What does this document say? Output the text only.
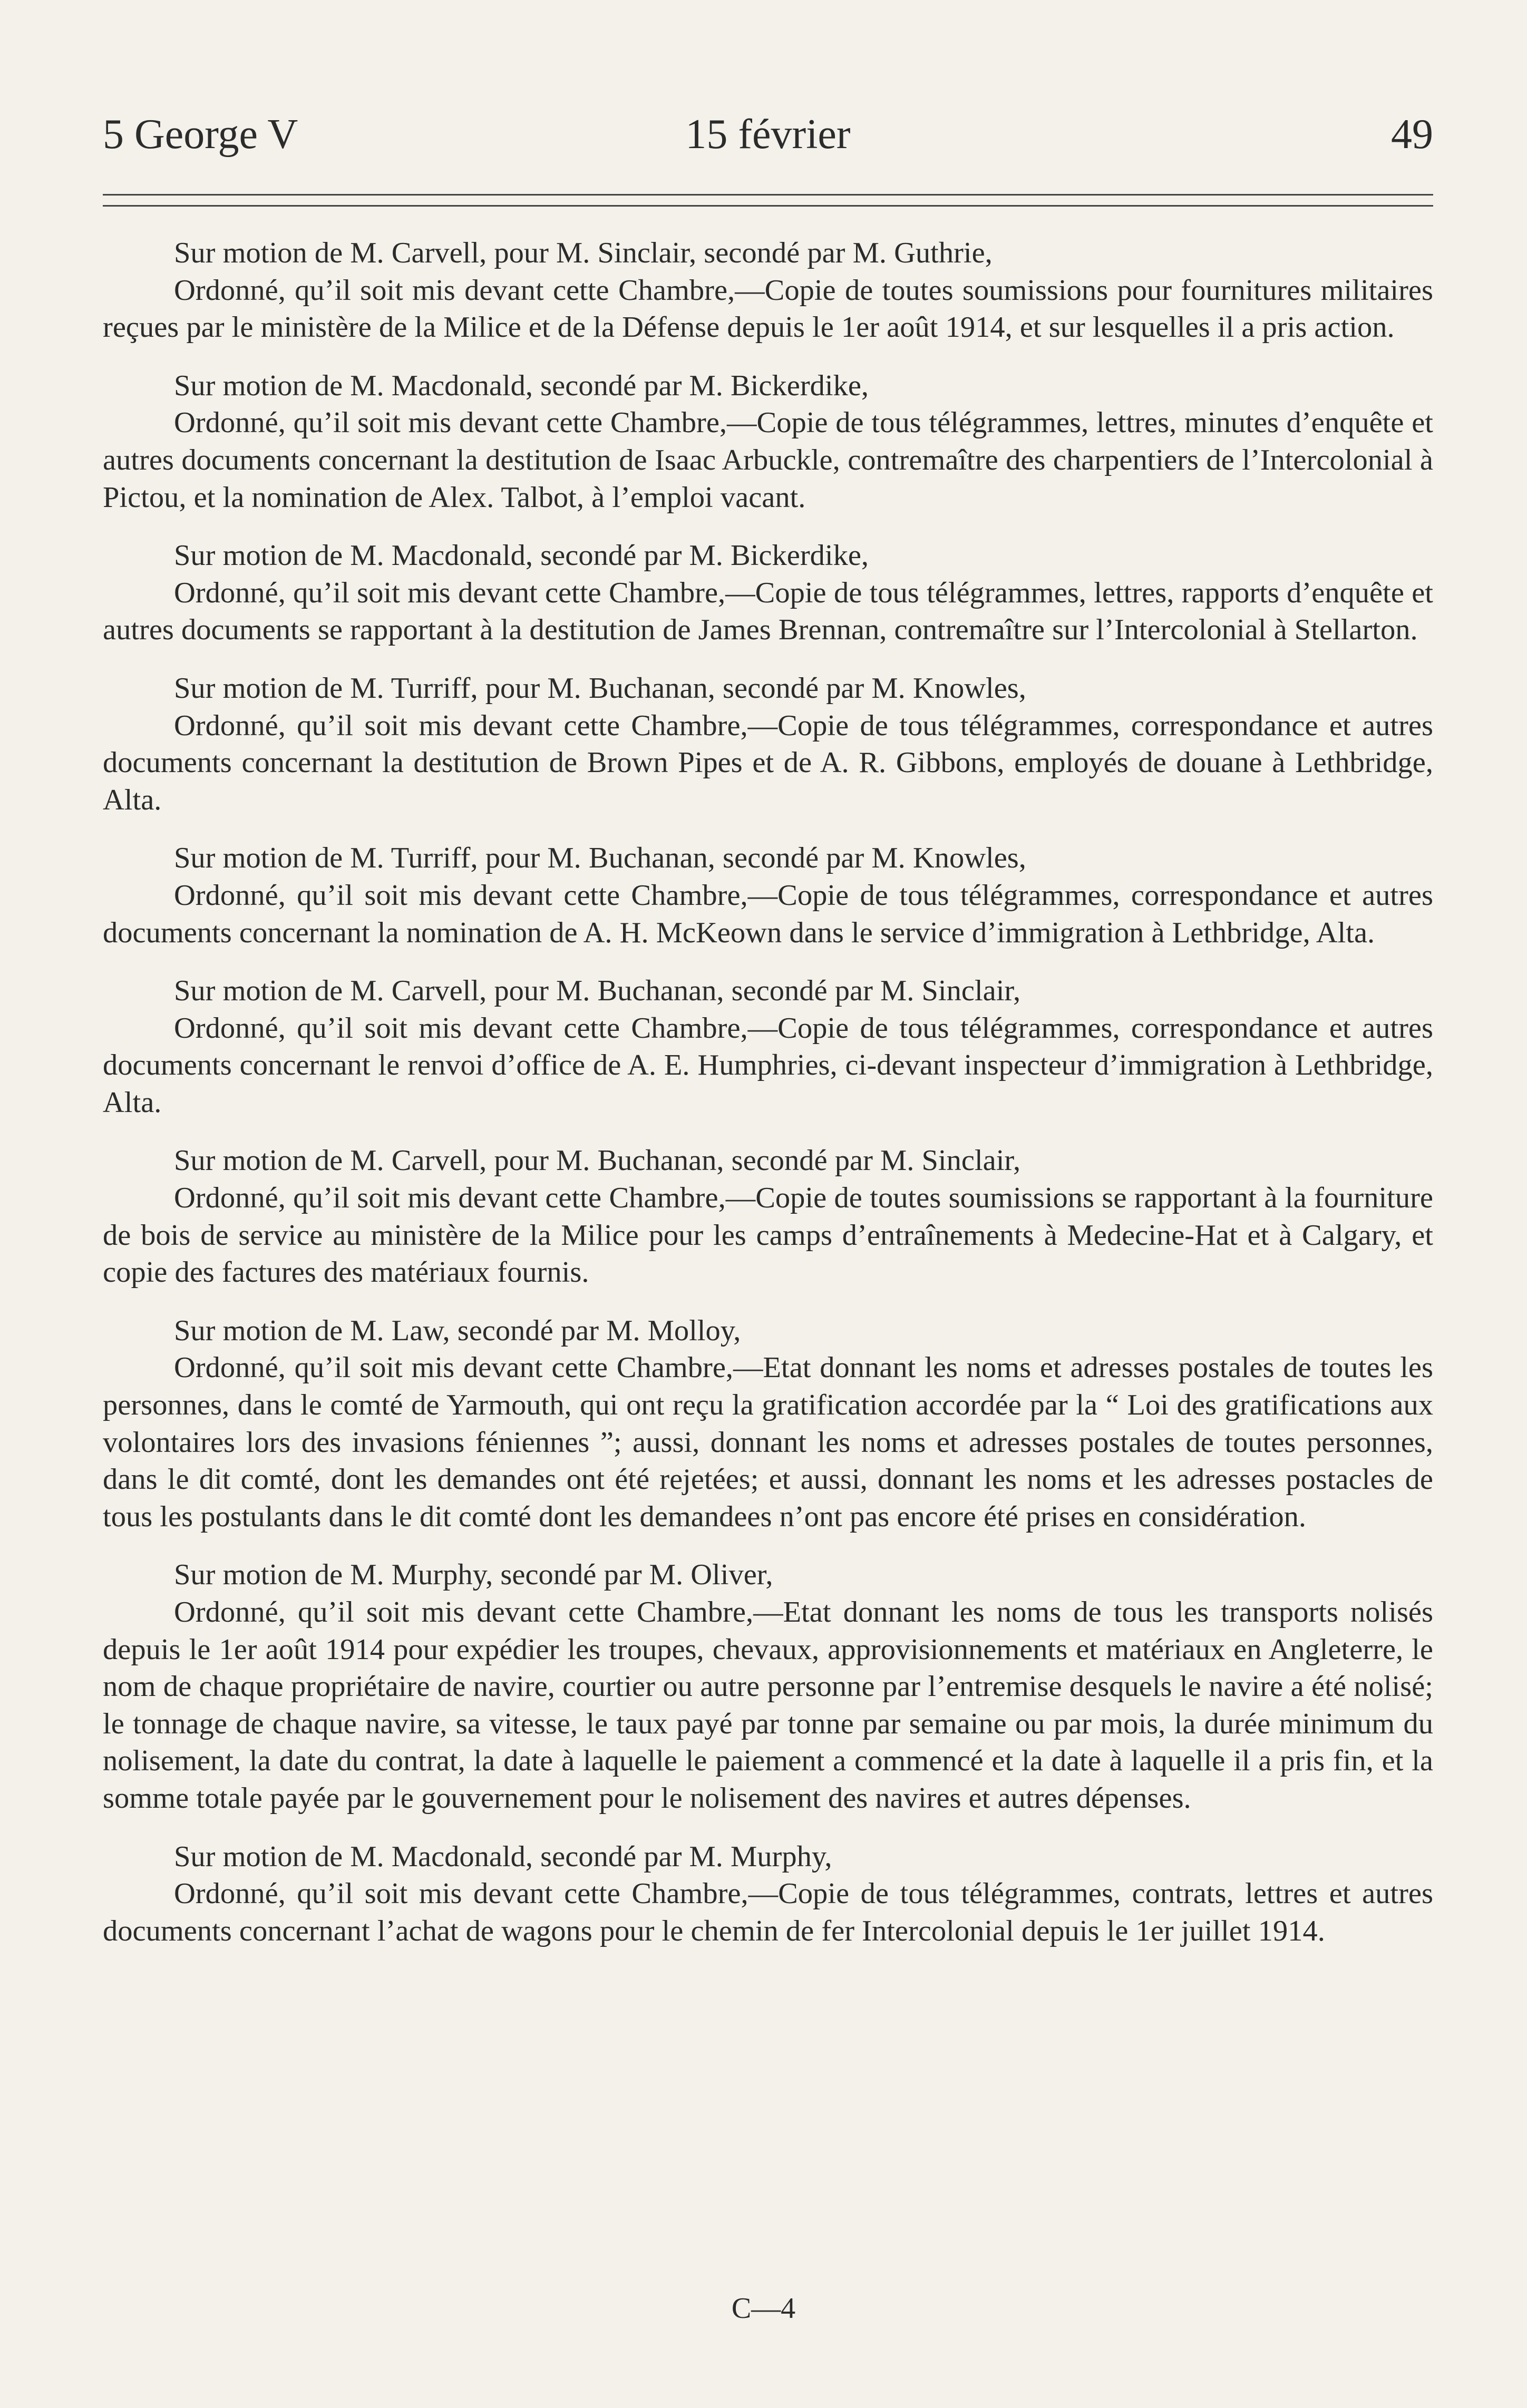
5 George V	15 février	49

Sur motion de M. Carvell, pour M. Sinclair, secondé par M. Guthrie,

Ordonné, qu’il soit mis devant cette Chambre,—Copie de toutes soumissions pour fournitures militaires reçues par le ministère de la Milice et de la Défense depuis le 1er août 1914, et sur lesquelles il a pris action.

Sur motion de M. Macdonald, secondé par M. Bickerdike,

Ordonné, qu’il soit mis devant cette Chambre,—Copie de tous télégrammes, lettres, minutes d’enquête et autres documents concernant la destitution de Isaac Arbuckle, contremaître des charpentiers de l’Intercolonial à Pictou, et la nomination de Alex. Talbot, à l’emploi vacant.

Sur motion de M. Macdonald, secondé par M. Bickerdike,

Ordonné, qu’il soit mis devant cette Chambre,—Copie de tous télégrammes, lettres, rapports d’enquête et autres documents se rapportant à la destitution de James Brennan, contremaître sur l’Intercolonial à Stellarton.

Sur motion de M. Turriff, pour M. Buchanan, secondé par M. Knowles,

Ordonné, qu’il soit mis devant cette Chambre,—Copie de tous télégrammes, correspondance et autres documents concernant la destitution de Brown Pipes et de A. R. Gibbons, employés de douane à Lethbridge, Alta.

Sur motion de M. Turriff, pour M. Buchanan, secondé par M. Knowles,

Ordonné, qu’il soit mis devant cette Chambre,—Copie de tous télégrammes, correspondance et autres documents concernant la nomination de A. H. McKeown dans le service d’immigration à Lethbridge, Alta.

Sur motion de M. Carvell, pour M. Buchanan, secondé par M. Sinclair,

Ordonné, qu’il soit mis devant cette Chambre,—Copie de tous télégrammes, correspondance et autres documents concernant le renvoi d’office de A. E. Humphries, ci-devant inspecteur d’immigration à Lethbridge, Alta.

Sur motion de M. Carvell, pour M. Buchanan, secondé par M. Sinclair,

Ordonné, qu’il soit mis devant cette Chambre,—Copie de toutes soumissions se rapportant à la fourniture de bois de service au ministère de la Milice pour les camps d’entraînements à Medecine-Hat et à Calgary, et copie des factures des matériaux fournis.

Sur motion de M. Law, secondé par M. Molloy,

Ordonné, qu’il soit mis devant cette Chambre,—Etat donnant les noms et adresses postales de toutes les personnes, dans le comté de Yarmouth, qui ont reçu la gratification accordée par la “ Loi des gratifications aux volontaires lors des invasions féniennes ”; aussi, donnant les noms et adresses postales de toutes personnes, dans le dit comté, dont les demandes ont été rejetées; et aussi, donnant les noms et les adresses postacles de tous les postulants dans le dit comté dont les demandees n’ont pas encore été prises en considération.

Sur motion de M. Murphy, secondé par M. Oliver,

Ordonné, qu’il soit mis devant cette Chambre,—Etat donnant les noms de tous les transports nolisés depuis le 1er août 1914 pour expédier les troupes, chevaux, approvisionnements et matériaux en Angleterre, le nom de chaque propriétaire de navire, courtier ou autre personne par l’entremise desquels le navire a été nolisé; le tonnage de chaque navire, sa vitesse, le taux payé par tonne par semaine ou par mois, la durée minimum du nolisement, la date du contrat, la date à laquelle le paiement a commencé et la date à laquelle il a pris fin, et la somme totale payée par le gouvernement pour le nolisement des navires et autres dépenses.

Sur motion de M. Macdonald, secondé par M. Murphy,

Ordonné, qu’il soit mis devant cette Chambre,—Copie de tous télégrammes, contrats, lettres et autres documents concernant l’achat de wagons pour le chemin de fer Intercolonial depuis le 1er juillet 1914.

C—4
